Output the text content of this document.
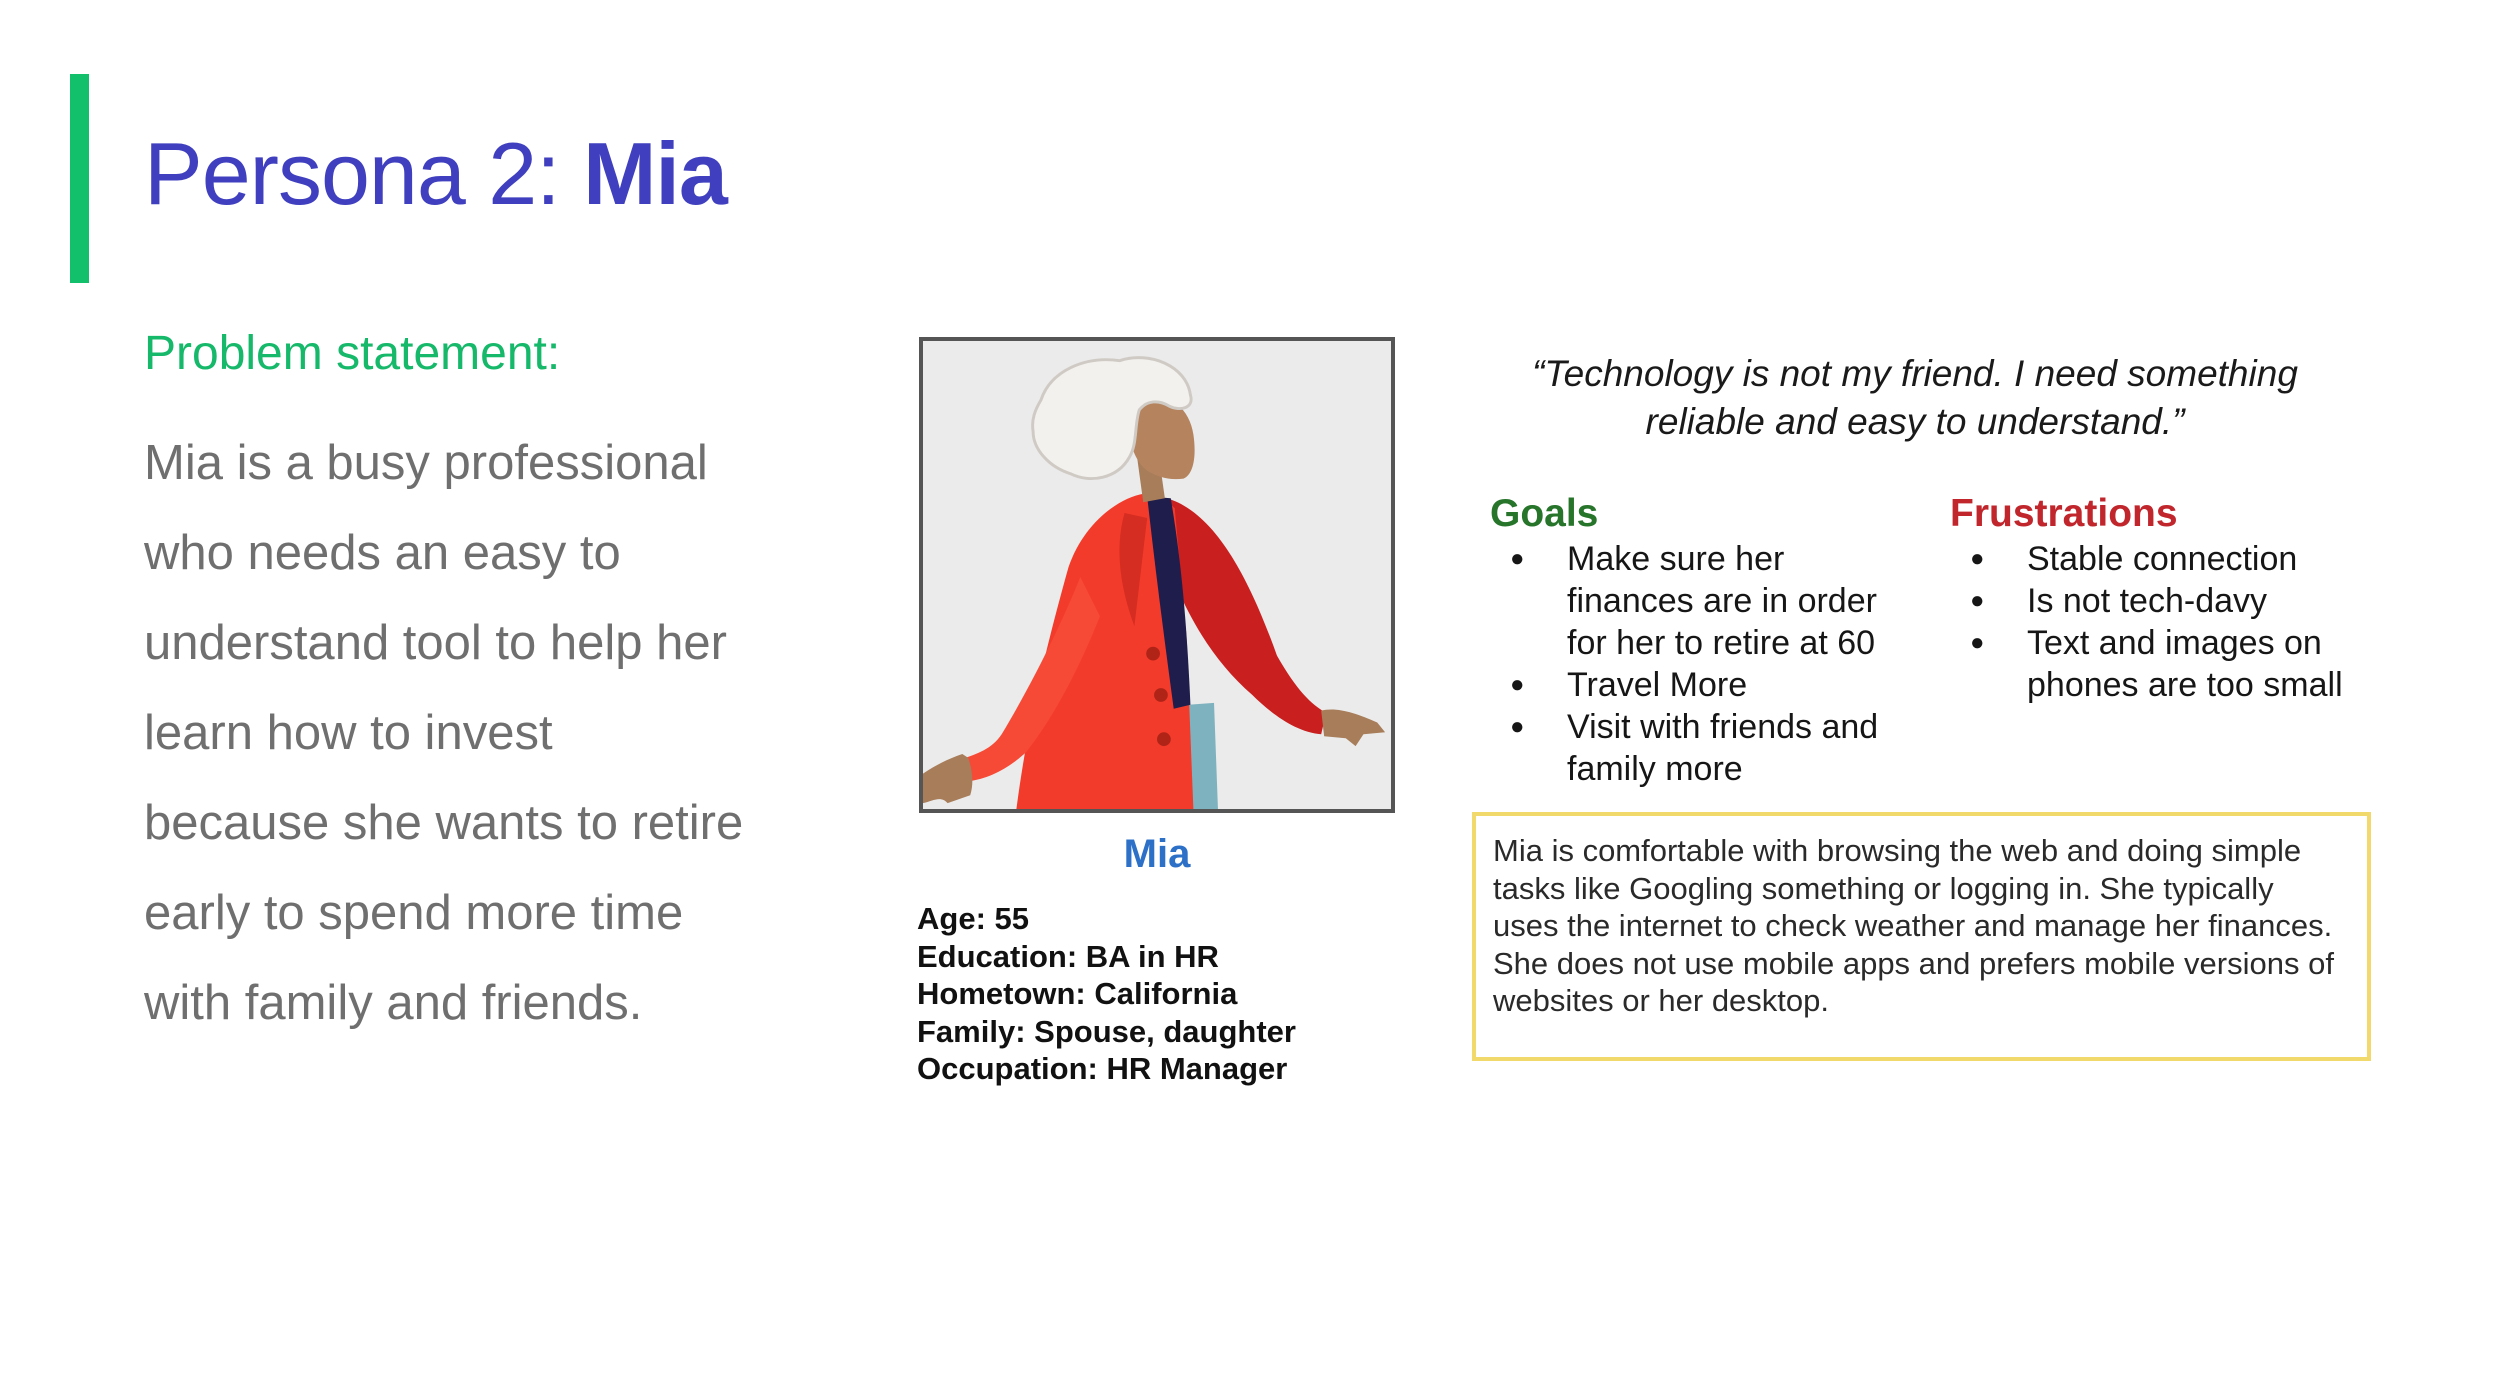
Persona 2: Mia
Problem statement:
Mia is a busy professional
who needs an easy to
understand tool to help her
learn how to invest
because she wants to retire
early to spend more time
with family and friends.
Mia
Age: 55
Education: BA in HR
Hometown: California
Family: Spouse, daughter
Occupation: HR Manager
“Technology is not my friend. I need something
reliable and easy to understand.”
Goals
● Make sure her finances are in order for her to retire at 60
● Travel More
● Visit with friends and family more
Frustrations
● Stable connection
● Is not tech-davy
● Text and images on phones are too small
Mia is comfortable with browsing the web and doing simple tasks like Googling something or logging in. She typically uses the internet to check weather and manage her finances. She does not use mobile apps and prefers mobile versions of websites or her desktop.
